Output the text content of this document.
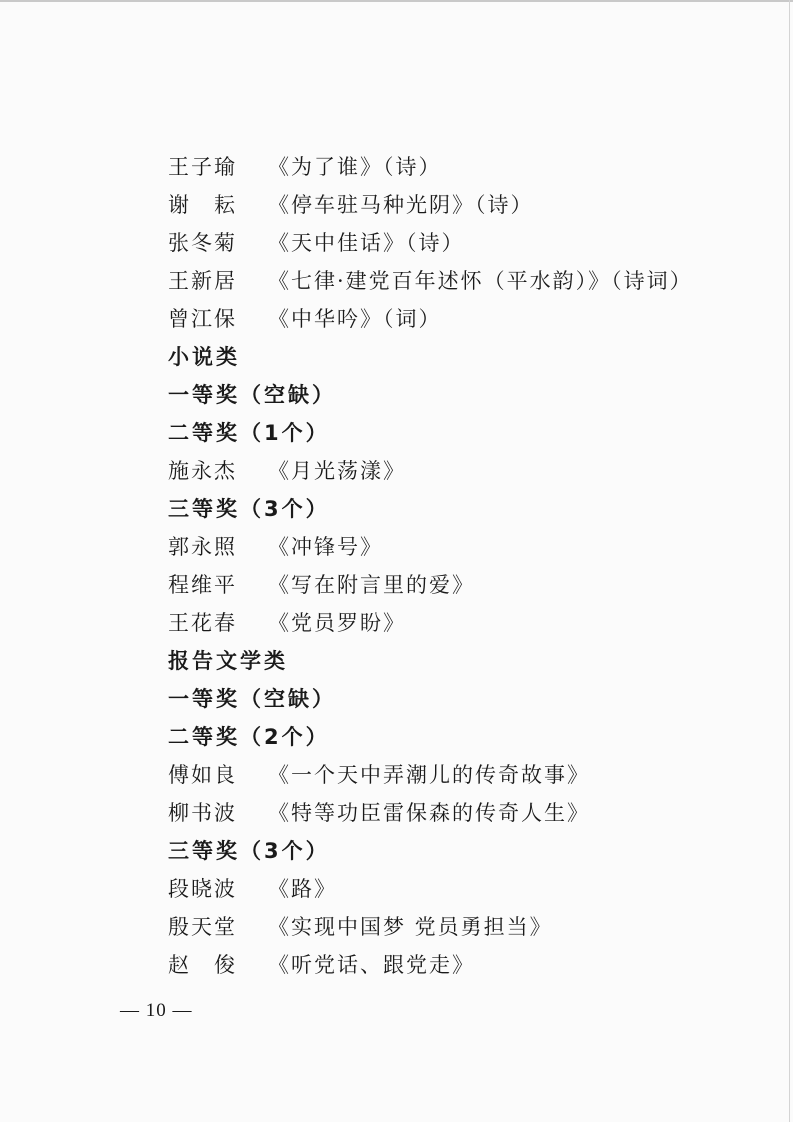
王子瑜 《为了谁》（诗）
谢　耘 《停车驻马种光阴》（诗）
张冬菊 《天中佳话》（诗）
王新居 《七律·建党百年述怀（平水韵）》（诗词）
曾江保 《中华吟》（词）
小说类
一等奖（空缺）
二等奖（1个）
施永杰 《月光荡漾》
三等奖（3个）
郭永照 《冲锋号》
程维平 《写在附言里的爱》
王花春 《党员罗盼》
报告文学类
一等奖（空缺）
二等奖（2个）
傅如良 《一个天中弄潮儿的传奇故事》
柳书波 《特等功臣雷保森的传奇人生》
三等奖（3个）
段晓波 《路》
殷天堂 《实现中国梦 党员勇担当》
赵　俊 《听党话、跟党走》
— 10 —
